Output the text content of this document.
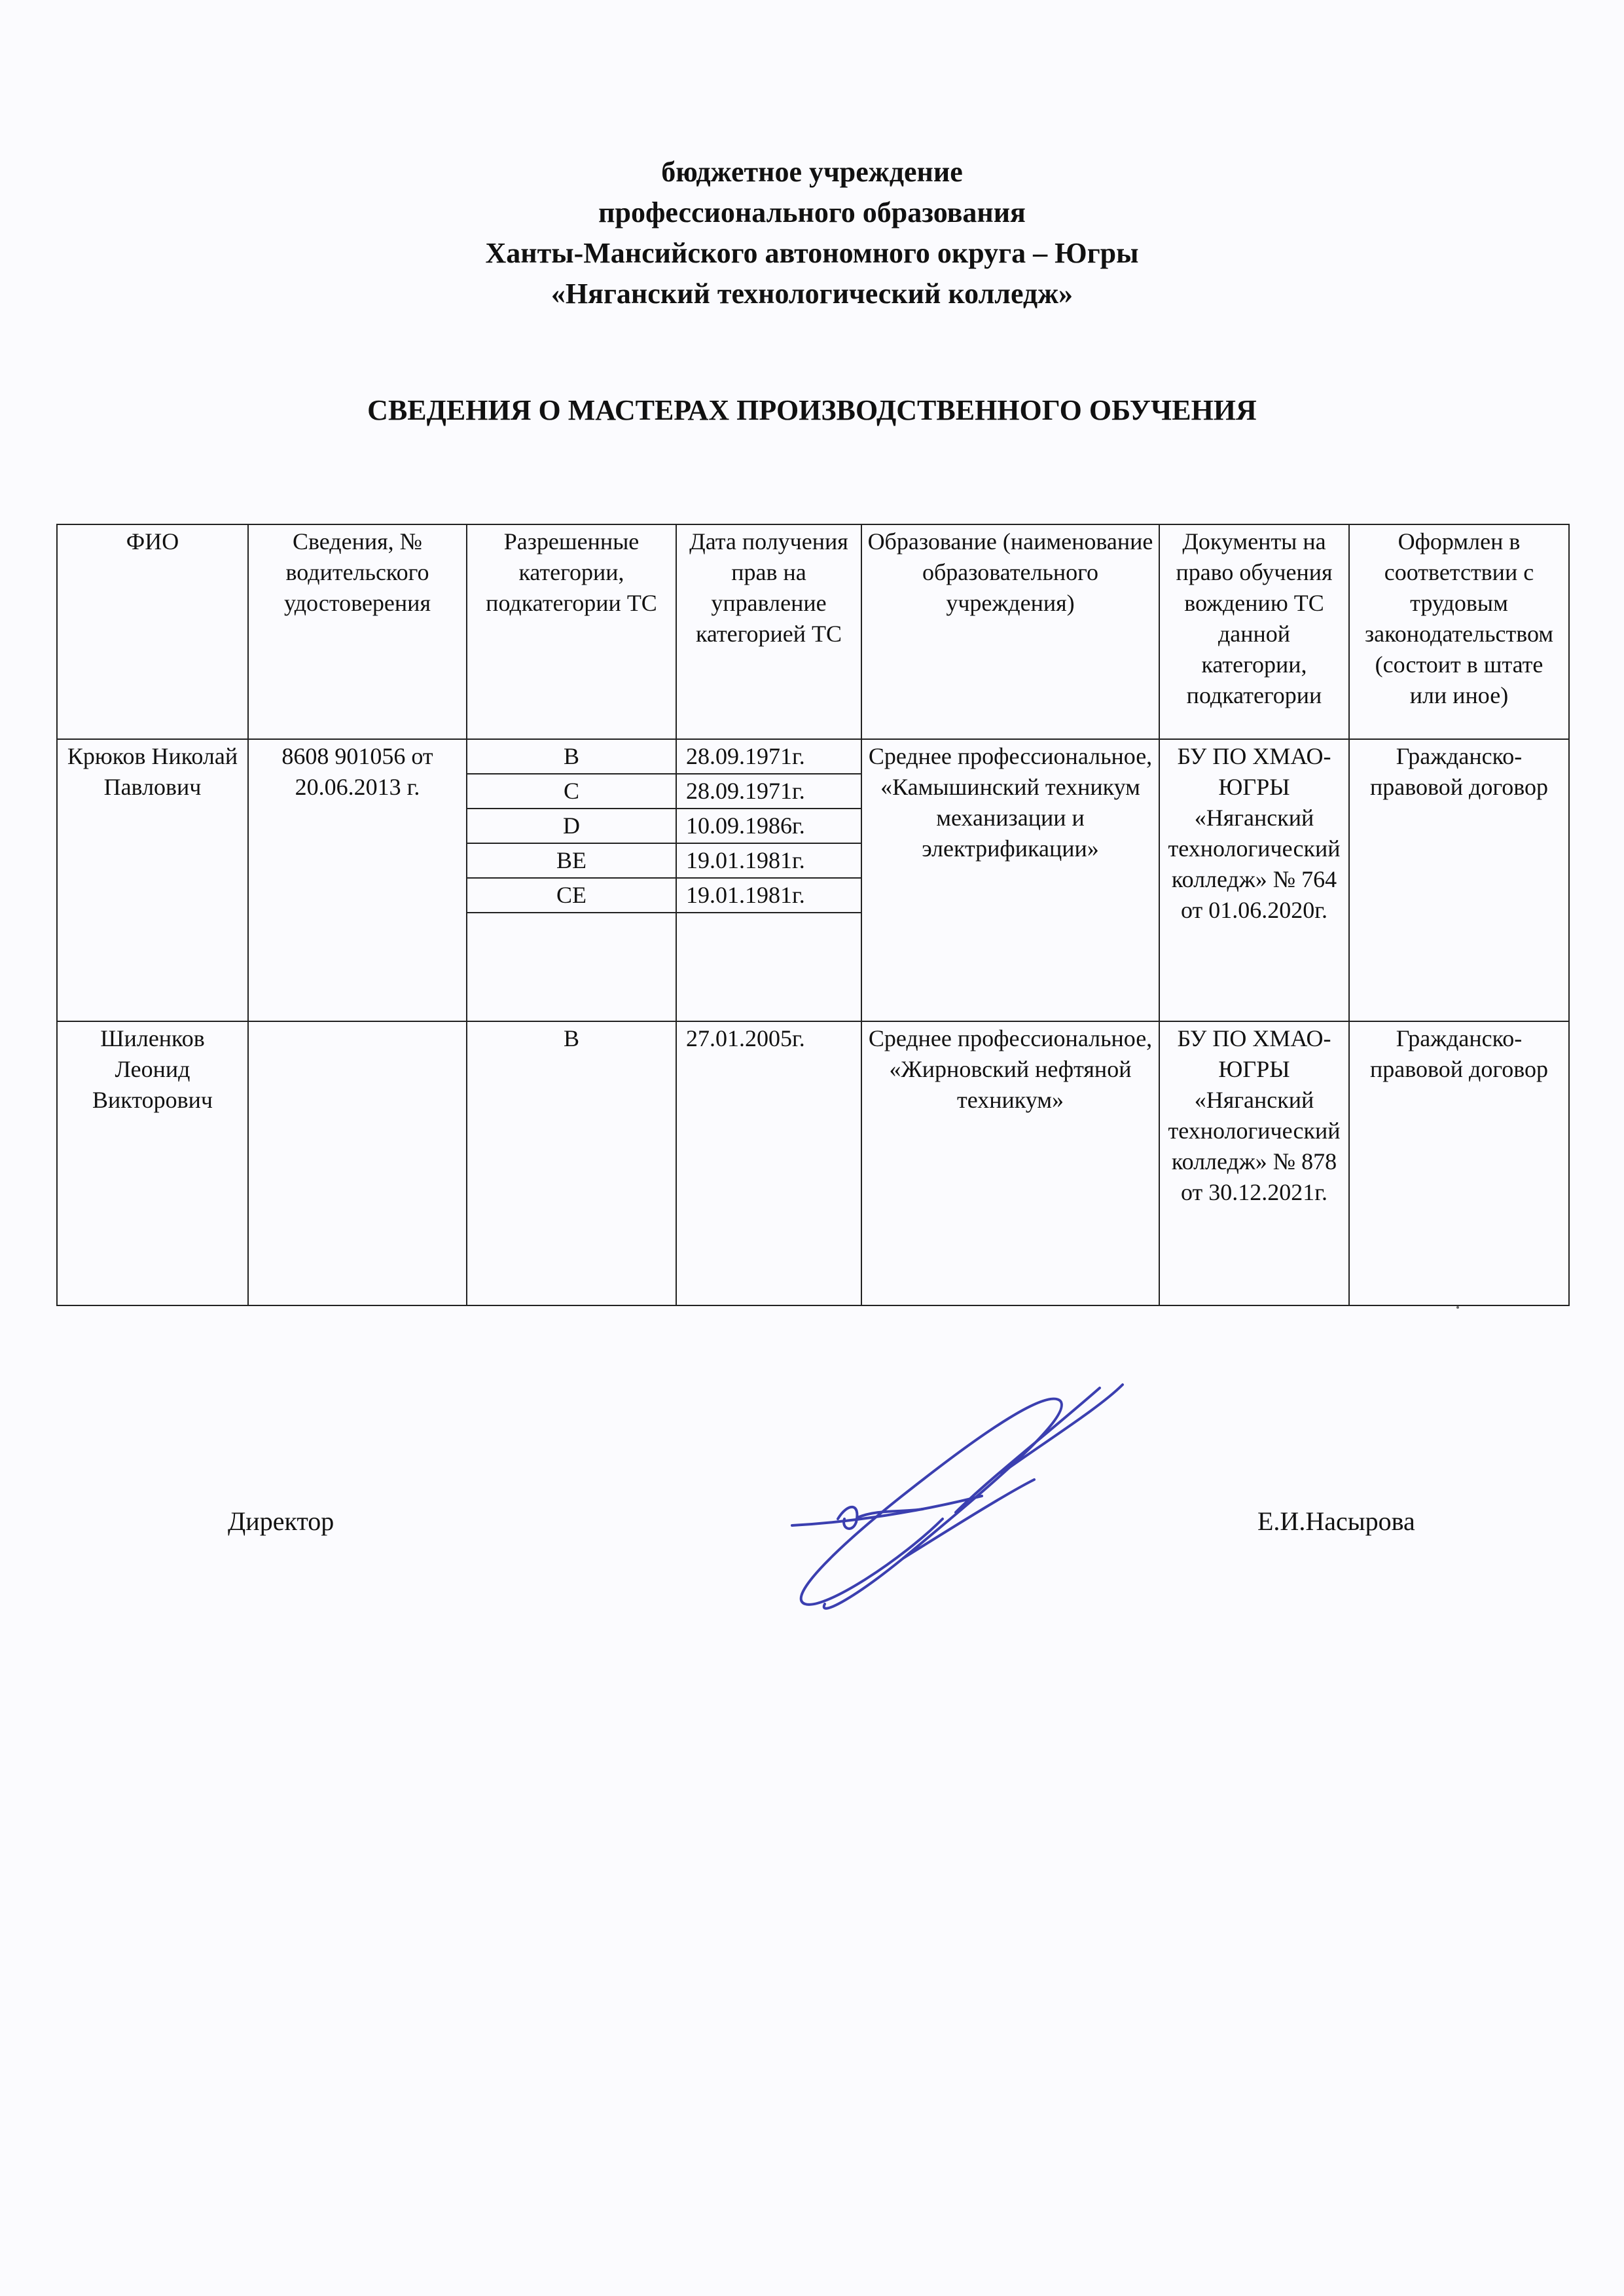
бюджетное учреждение
профессионального образования
Ханты-Мансийского автономного округа – Югры
«Няганский технологический колледж»
СВЕДЕНИЯ О МАСТЕРАХ ПРОИЗВОДСТВЕННОГО ОБУЧЕНИЯ
ФИО	Сведения, № водительского удостоверения	Разрешенные категории, подкатегории ТС	Дата получения прав на управление категорией ТС	Образование (наименование образовательного учреждения)	Документы на право обучения вождению ТС данной категории, подкатегории	Оформлен в соответствии с трудовым законодательством (состоит в штате или иное)
Крюков Николай Павлович	8608 901056 от 20.06.2013 г.	B	28.09.1971г.	Среднее профессиональное, «Камышинский техникум механизации и электрификации»	БУ ПО ХМАО-ЮГРЫ «Няганский технологический колледж» № 764 от 01.06.2020г.	Гражданско-правовой договор
		C	28.09.1971г.			
		D	10.09.1986г.			
		BE	19.01.1981г.			
		CE	19.01.1981г.			

Шиленков Леонид Викторович		B	27.01.2005г.	Среднее профессиональное, «Жирновский нефтяной техникум»	БУ ПО ХМАО-ЮГРЫ «Няганский технологический колледж» № 878 от 30.12.2021г.	Гражданско-правовой договор
Директор	Е.И.Насырова
